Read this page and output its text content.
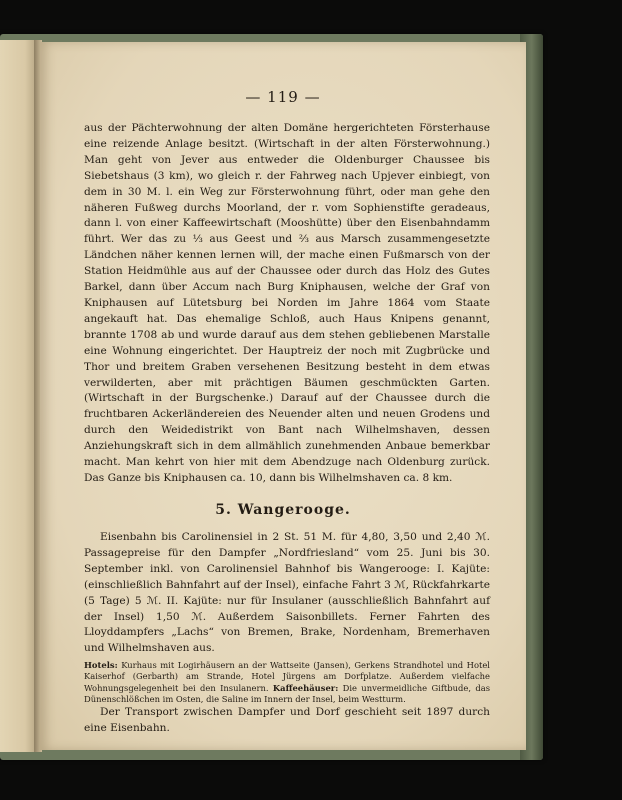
— 119 —
aus der Pächterwohnung der alten Domäne hergerichteten Försterhause eine reizende Anlage besitzt. (Wirtschaft in der alten Försterwohnung.) Man geht von Jever aus entweder die Oldenburger Chaussee bis Siebetshaus (3 km), wo gleich r. der Fahrweg nach Upjever einbiegt, von dem in 30 M. l. ein Weg zur Försterwohnung führt, oder man gehe den näheren Fußweg durchs Moorland, der r. vom Sophienstifte geradeaus, dann l. von einer Kaffeewirtschaft (Mooshütte) über den Eisenbahndamm führt. Wer das zu ⅓ aus Geest und ⅔ aus Marsch zusammengesetzte Ländchen näher kennen lernen will, der mache einen Fußmarsch von der Station Heidmühle aus auf der Chaussee oder durch das Holz des Gutes Barkel, dann über Accum nach Burg Kniphausen, welche der Graf von Kniphausen auf Lütetsburg bei Norden im Jahre 1864 vom Staate angekauft hat. Das ehemalige Schloß, auch Haus Knipens genannt, brannte 1708 ab und wurde darauf aus dem stehen gebliebenen Marstalle eine Wohnung eingerichtet. Der Hauptreiz der noch mit Zugbrücke und Thor und breitem Graben versehenen Besitzung besteht in dem etwas verwilderten, aber mit prächtigen Bäumen geschmückten Garten. (Wirtschaft in der Burgschenke.) Darauf auf der Chaussee durch die fruchtbaren Ackerländereien des Neuender alten und neuen Grodens und durch den Weidedistrikt von Bant nach Wilhelmshaven, dessen Anziehungskraft sich in dem allmählich zunehmenden Anbaue bemerkbar macht. Man kehrt von hier mit dem Abendzuge nach Oldenburg zurück. Das Ganze bis Kniphausen ca. 10, dann bis Wilhelmshaven ca. 8 km.
5. Wangerooge.
Eisenbahn bis Carolinensiel in 2 St. 51 M. für 4,80, 3,50 und 2,40 ℳ. Passagepreise für den Dampfer „Nordfriesland“ vom 25. Juni bis 30. September inkl. von Carolinensiel Bahnhof bis Wangerooge: I. Kajüte: (einschließlich Bahnfahrt auf der Insel), einfache Fahrt 3 ℳ, Rückfahrkarte (5 Tage) 5 ℳ. II. Kajüte: nur für Insulaner (ausschließlich Bahnfahrt auf der Insel) 1,50 ℳ. Außerdem Saisonbillets. Ferner Fahrten des Lloyddampfers „Lachs“ von Bremen, Brake, Nordenham, Bremerhaven und Wilhelmshaven aus.
Hotels: Kurhaus mit Logirhäusern an der Wattseite (Jansen), Gerkens Strandhotel und Hotel Kaiserhof (Gerbarth) am Strande, Hotel Jürgens am Dorfplatze. Außerdem vielfache Wohnungsgelegenheit bei den Insulanern. Kaffeehäuser: Die unvermeidliche Giftbude, das Dünenschlößchen im Osten, die Saline im Innern der Insel, beim Westturm.
Der Transport zwischen Dampfer und Dorf geschieht seit 1897 durch eine Eisenbahn.
